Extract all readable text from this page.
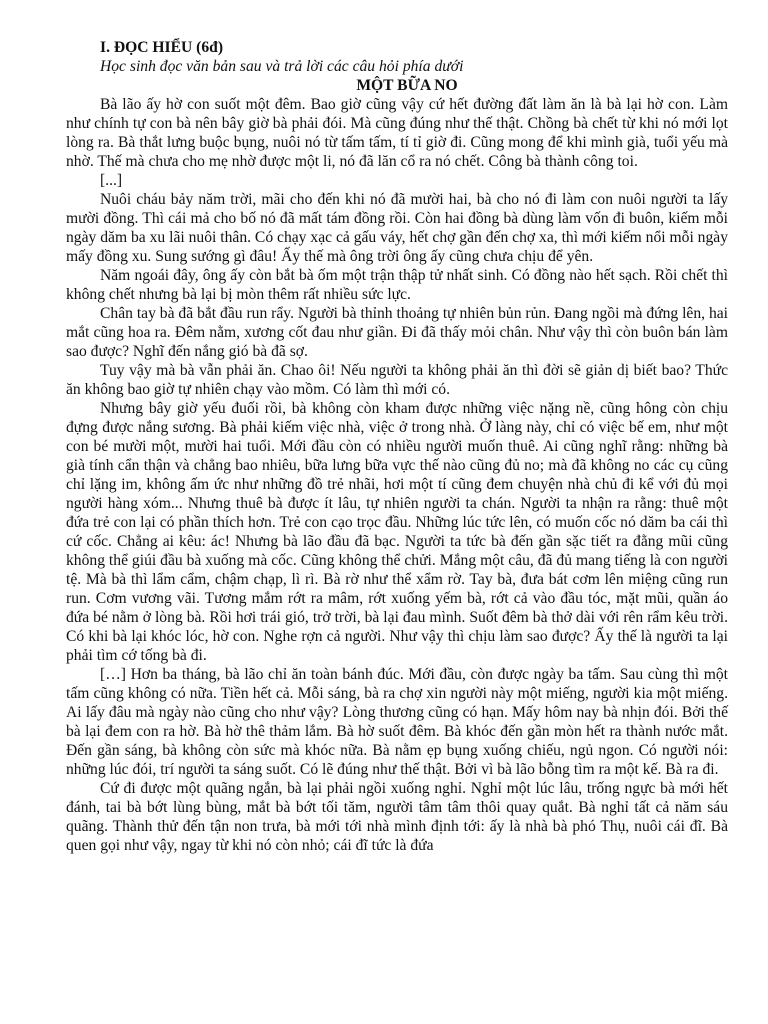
I. ĐỌC HIỂU (6đ)

Học sinh đọc văn bản sau và trả lời các câu hỏi phía dưới

MỘT BỮA NO

Bà lão ấy hờ con suốt một đêm. Bao giờ cũng vậy cứ hết đường đất làm ăn là bà lại hờ con. Làm như chính tự con bà nên bây giờ bà phải đói. Mà cũng đúng như thế thật. Chồng bà chết từ khi nó mới lọt lòng ra. Bà thắt lưng buộc bụng, nuôi nó từ tấm tấm, tí tỉ giờ đi. Cũng mong để khi mình già, tuổi yếu mà nhờ. Thế mà chưa cho mẹ nhờ được một li, nó đã lăn cổ ra nó chết. Công bà thành công toi.

[...]

Nuôi cháu bảy năm trời, mãi cho đến khi nó đã mười hai, bà cho nó đi làm con nuôi người ta lấy mười đồng. Thì cái mả cho bố nó đã mất tám đồng rồi. Còn hai đồng bà dùng làm vốn đi buôn, kiếm mỗi ngày dăm ba xu lãi nuôi thân. Có chạy xạc cả gấu váy, hết chợ gần đến chợ xa, thì mới kiếm nổi mỗi ngày mấy đồng xu. Sung sướng gì đâu! Ấy thế mà ông trời ông ấy cũng chưa chịu để yên.

Năm ngoái đây, ông ấy còn bắt bà ốm một trận thập tử nhất sinh. Có đồng nào hết sạch. Rồi chết thì không chết nhưng bà lại bị mòn thêm rất nhiều sức lực.

Chân tay bà đã bắt đầu run rẩy. Người bà thỉnh thoảng tự nhiên bủn rủn. Đang ngồi mà đứng lên, hai mắt cũng hoa ra. Đêm nằm, xương cốt đau như giần. Đi đã thấy mỏi chân. Như vậy thì còn buôn bán làm sao được? Nghĩ đến nắng gió bà đã sợ.

Tuy vậy mà bà vẫn phải ăn. Chao ôi! Nếu người ta không phải ăn thì đời sẽ giản dị biết bao? Thức ăn không bao giờ tự nhiên chạy vào mồm. Có làm thì mới có.

Nhưng bây giờ yếu đuối rồi, bà không còn kham được những việc nặng nề, cũng hông còn chịu đựng được nắng sương. Bà phải kiếm việc nhà, việc ở trong nhà. Ở làng này, chỉ có việc bế em, như một con bé mười một, mười hai tuổi. Mới đầu còn có nhiều người muốn thuê. Ai cũng nghĩ rằng: những bà già tính cẩn thận và chẳng bao nhiêu, bữa lưng bữa vực thế nào cũng đủ no; mà đã không no các cụ cũng chỉ lặng im, không ấm ức như những đồ trẻ nhãi, hơi một tí cũng đem chuyện nhà chủ đi kể với đủ mọi người hàng xóm... Nhưng thuê bà được ít lâu, tự nhiên người ta chán. Người ta nhận ra rằng: thuê một đứa trẻ con lại có phần thích hơn. Trẻ con cạo trọc đầu. Những lúc tức lên, có muốn cốc nó dăm ba cái thì cứ cốc. Chẳng ai kêu: ác! Nhưng bà lão đầu đã bạc. Người ta tức bà đến gần sặc tiết ra đằng mũi cũng không thể giúi đầu bà xuống mà cốc. Cũng không thể chửi. Mắng một câu, đã đủ mang tiếng là con người tệ. Mà bà thì lẩm cẩm, chậm chạp, lì rì. Bà rờ như thể xẩm rờ. Tay bà, đưa bát cơm lên miệng cũng run run. Cơm vương vãi. Tương mắm rớt ra mâm, rớt xuống yếm bà, rớt cả vào đầu tóc, mặt mũi, quần áo đứa bé nằm ở lòng bà. Rồi hơi trái gió, trở trời, bà lại đau mình. Suốt đêm bà thở dài với rên rẩm kêu trời. Có khi bà lại khóc lóc, hờ con. Nghe rợn cả người. Như vậy thì chịu làm sao được? Ấy thế là người ta lại phải tìm cớ tống bà đi.

[…] Hơn ba tháng, bà lão chỉ ăn toàn bánh đúc. Mới đầu, còn được ngày ba tấm. Sau cùng thì một tấm cũng không có nữa. Tiền hết cả. Mỗi sáng, bà ra chợ xin người này một miếng, người kia một miếng. Ai lấy đâu mà ngày nào cũng cho như vậy? Lòng thương cũng có hạn. Mấy hôm nay bà nhịn đói. Bởi thế bà lại đem con ra hờ. Bà hờ thê thảm lắm. Bà hờ suốt đêm. Bà khóc đến gần mòn hết ra thành nước mắt. Đến gần sáng, bà không còn sức mà khóc nữa. Bà nằm ẹp bụng xuống chiếu, ngủ ngon. Có người nói: những lúc đói, trí người ta sáng suốt. Có lẽ đúng như thế thật. Bởi vì bà lão bỗng tìm ra một kế. Bà ra đi.

Cứ đi được một quãng ngắn, bà lại phải ngồi xuống nghỉ. Nghỉ một lúc lâu, trống ngực bà mới hết đánh, tai bà bớt lùng bùng, mắt bà bớt tối tăm, người tâm tâm thôi quay quắt. Bà nghỉ tất cả năm sáu quãng. Thành thử đến tận non trưa, bà mới tới nhà mình định tới: ấy là nhà bà phó Thụ, nuôi cái đĩ. Bà quen gọi như vậy, ngay từ khi nó còn nhỏ; cái đĩ tức là đứa
